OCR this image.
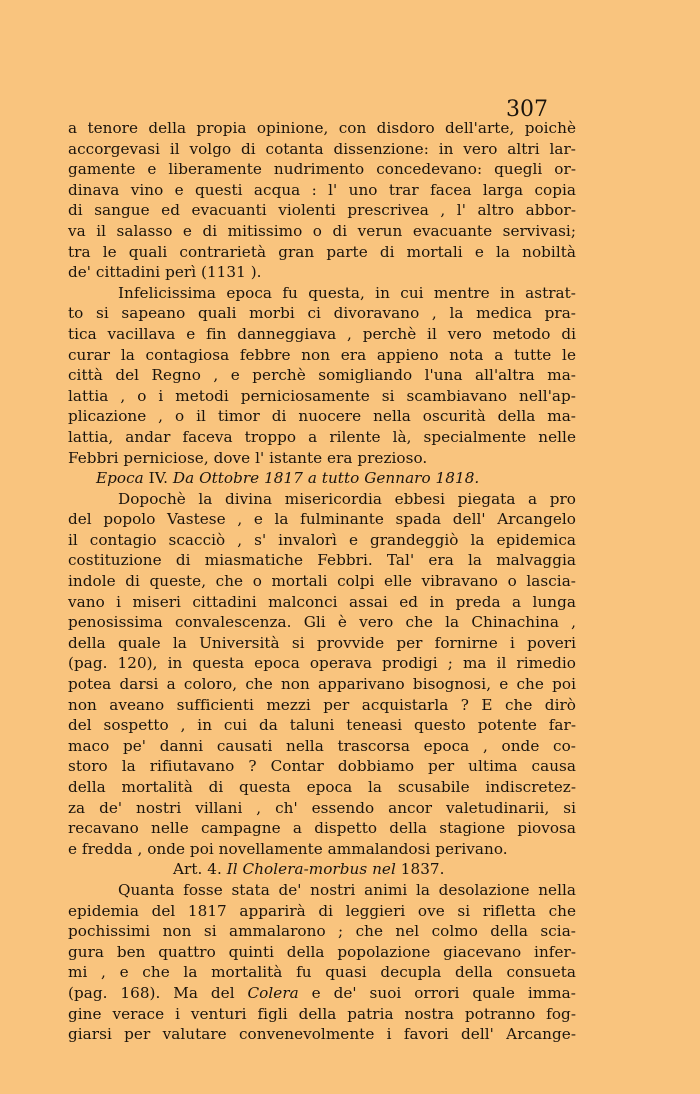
307
a tenore della propia opinione, con disdoro dell'arte, poichè
accorgevasi il volgo di cotanta dissenzione: in vero altri lar-
gamente e liberamente nudrimento concedevano: quegli or-
dinava vino e questi acqua : l' uno trar facea larga copia
di sangue ed evacuanti violenti prescrivea , l' altro abbor-
va il salasso e di mitissimo o di verun evacuante servivasi;
tra le quali contrarietà gran parte di mortali e la nobiltà
de' cittadini perì (1131 ).
Infelicissima epoca fu questa, in cui mentre in astrat-
to si sapeano quali morbi ci divoravano , la medica pra-
tica vacillava e fin danneggiava , perchè il vero metodo di
curar la contagiosa febbre non era appieno nota a tutte le
città del Regno , e perchè somigliando l'una all'altra ma-
lattia , o i metodi perniciosamente si scambiavano nell'ap-
plicazione , o il timor di nuocere nella oscurità della ma-
lattia, andar faceva troppo a rilente là, specialmente nelle
Febbri perniciose, dove l' istante era prezioso.
Epoca IV. Da Ottobre 1817 a tutto Gennaro 1818.
Dopochè la divina misericordia ebbesi piegata a pro
del popolo Vastese , e la fulminante spada dell' Arcangelo
il contagio scacciò , s' invalorì e grandeggiò la epidemica
costituzione di miasmatiche Febbri. Tal' era la malvaggia
indole di queste, che o mortali colpi elle vibravano o lascia-
vano i miseri cittadini malconci assai ed in preda a lunga
penosissima convalescenza. Gli è vero che la Chinachina ,
della quale la Università si provvide per fornirne i poveri
(pag. 120), in questa epoca operava prodigi ; ma il rimedio
potea darsi a coloro, che non apparivano bisognosi, e che poi
non aveano sufficienti mezzi per acquistarla ? E che dirò
del sospetto , in cui da taluni teneasi questo potente far-
maco pe' danni causati nella trascorsa epoca , onde co-
storo la rifiutavano ? Contar dobbiamo per ultima causa
della mortalità di questa epoca la scusabile indiscretez-
za de' nostri villani , ch' essendo ancor valetudinarii, si
recavano nelle campagne a dispetto della stagione piovosa
e fredda , onde poi novellamente ammalandosi perivano.
Art. 4. Il Cholera-morbus nel 1837.
Quanta fosse stata de' nostri animi la desolazione nella
epidemia del 1817 apparirà di leggieri ove si rifletta che
pochissimi non si ammalarono ; che nel colmo della scia-
gura ben quattro quinti della popolazione giacevano infer-
mi , e che la mortalità fu quasi decupla della consueta
(pag. 168). Ma del Colera e de' suoi orrori quale imma-
gine verace i venturi figli della patria nostra potranno fog-
giarsi per valutare convenevolmente i favori dell' Arcange-
